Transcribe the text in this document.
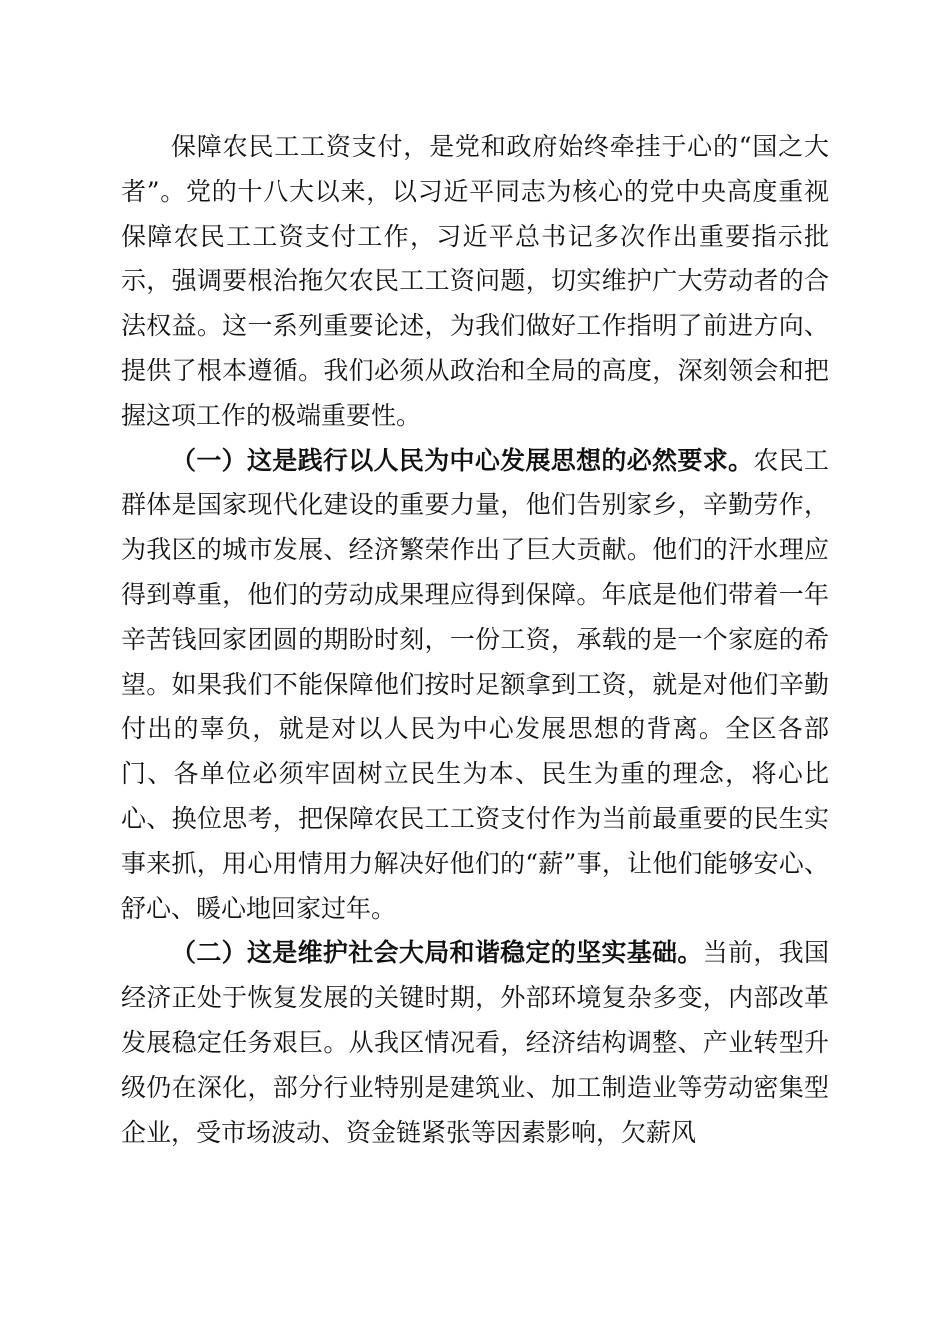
保障农民工工资支付，是党和政府始终牵挂于心的“国之大者”。党的十八大以来，以习近平同志为核心的党中央高度重视保障农民工工资支付工作，习近平总书记多次作出重要指示批示，强调要根治拖欠农民工工资问题，切实维护广大劳动者的合法权益。这一系列重要论述，为我们做好工作指明了前进方向、提供了根本遵循。我们必须从政治和全局的高度，深刻领会和把握这项工作的极端重要性。

（一）这是践行以人民为中心发展思想的必然要求。农民工群体是国家现代化建设的重要力量，他们告别家乡，辛勤劳作，为我区的城市发展、经济繁荣作出了巨大贡献。他们的汗水理应得到尊重，他们的劳动成果理应得到保障。年底是他们带着一年辛苦钱回家团圆的期盼时刻，一份工资，承载的是一个家庭的希望。如果我们不能保障他们按时足额拿到工资，就是对他们辛勤付出的辜负，就是对以人民为中心发展思想的背离。全区各部门、各单位必须牢固树立民生为本、民生为重的理念，将心比心、换位思考，把保障农民工工资支付作为当前最重要的民生实事来抓，用心用情用力解决好他们的“薪”事，让他们能够安心、舒心、暖心地回家过年。

（二）这是维护社会大局和谐稳定的坚实基础。当前，我国经济正处于恢复发展的关键时期，外部环境复杂多变，内部改革发展稳定任务艰巨。从我区情况看，经济结构调整、产业转型升级仍在深化，部分行业特别是建筑业、加工制造业等劳动密集型企业，受市场波动、资金链紧张等因素影响，欠薪风
